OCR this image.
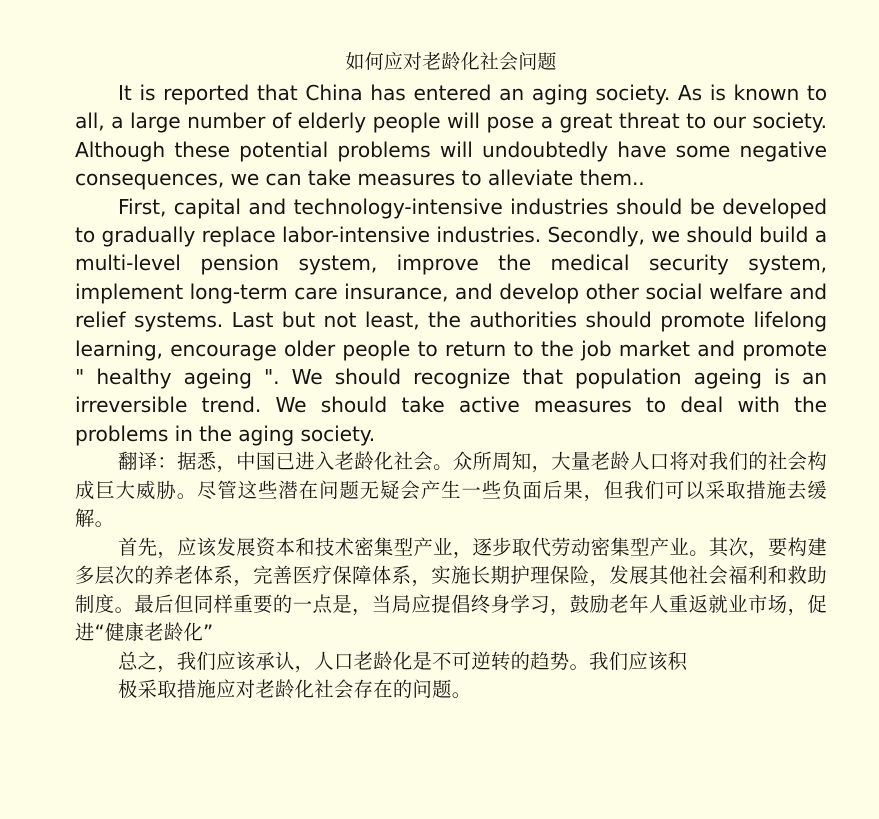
如何应对老龄化社会问题

It is reported that China has entered an aging society. As is known to all, a large number of elderly people will pose a great threat to our society. Although these potential problems will undoubtedly have some negative consequences, we can take measures to alleviate them..

First, capital and technology-intensive industries should be developed to gradually replace labor-intensive industries. Secondly, we should build a multi-level pension system, improve the medical security system, implement long-term care insurance, and develop other social welfare and relief systems. Last but not least, the authorities should promote lifelong learning, encourage older people to return to the job market and promote " healthy ageing ". We should recognize that population ageing is an irreversible trend. We should take active measures to deal with the problems in the aging society.

翻译：据悉，中国已进入老龄化社会。众所周知，大量老龄人口将对我们的社会构成巨大威胁。尽管这些潜在问题无疑会产生一些负面后果，但我们可以采取措施去缓解。

首先，应该发展资本和技术密集型产业，逐步取代劳动密集型产业。其次，要构建多层次的养老体系，完善医疗保障体系，实施长期护理保险，发展其他社会福利和救助制度。最后但同样重要的一点是，当局应提倡终身学习，鼓励老年人重返就业市场，促进“健康老龄化”

总之，我们应该承认，人口老龄化是不可逆转的趋势。我们应该积

极采取措施应对老龄化社会存在的问题。
